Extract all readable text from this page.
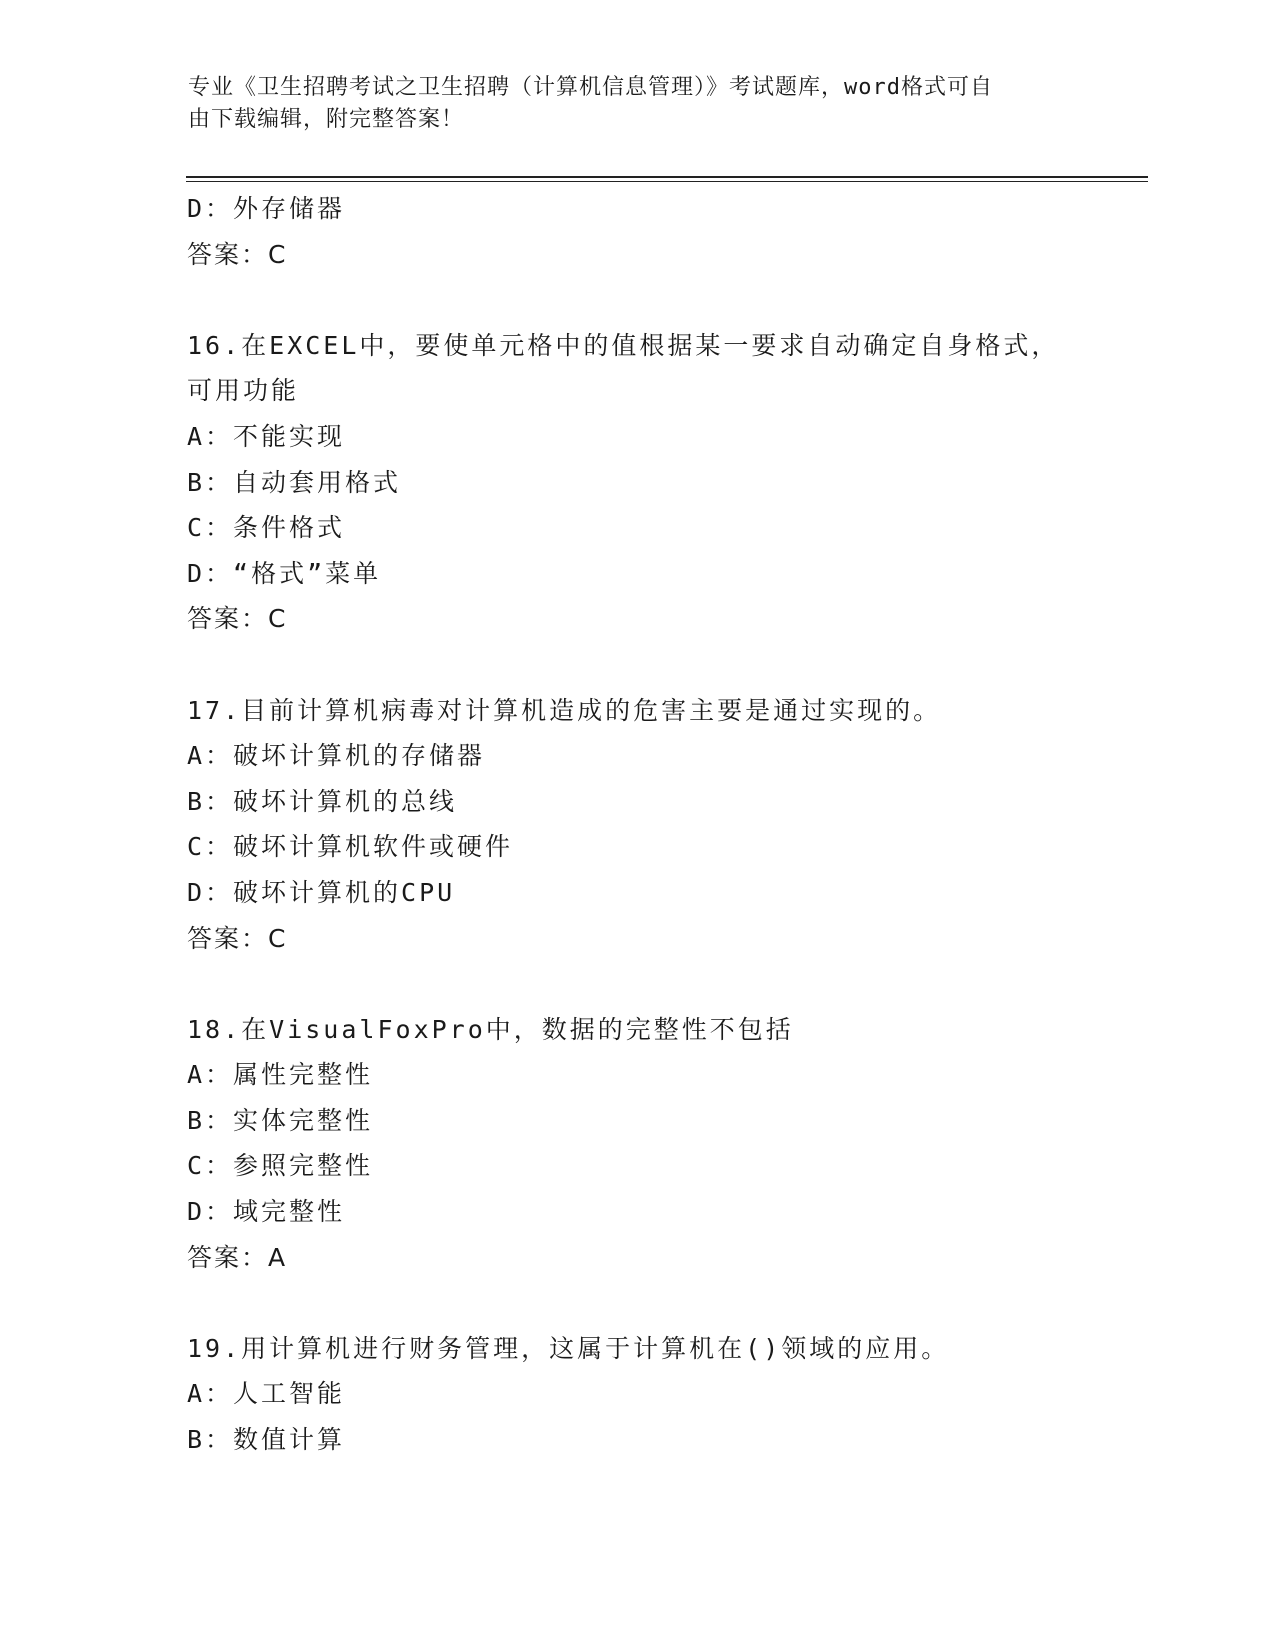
专业《卫生招聘考试之卫生招聘（计算机信息管理）》考试题库，word格式可自
由下载编辑，附完整答案！
D：外存储器
答案：C
16.在EXCEL中，要使单元格中的值根据某一要求自动确定自身格式，
可用功能
A：不能实现
B：自动套用格式
C：条件格式
D：“格式”菜单
答案：C
17.目前计算机病毒对计算机造成的危害主要是通过实现的。
A：破坏计算机的存储器
B：破坏计算机的总线
C：破坏计算机软件或硬件
D：破坏计算机的CPU
答案：C
18.在VisualFoxPro中，数据的完整性不包括
A：属性完整性
B：实体完整性
C：参照完整性
D：域完整性
答案：A
19.用计算机进行财务管理，这属于计算机在()领域的应用。
A：人工智能
B：数值计算
